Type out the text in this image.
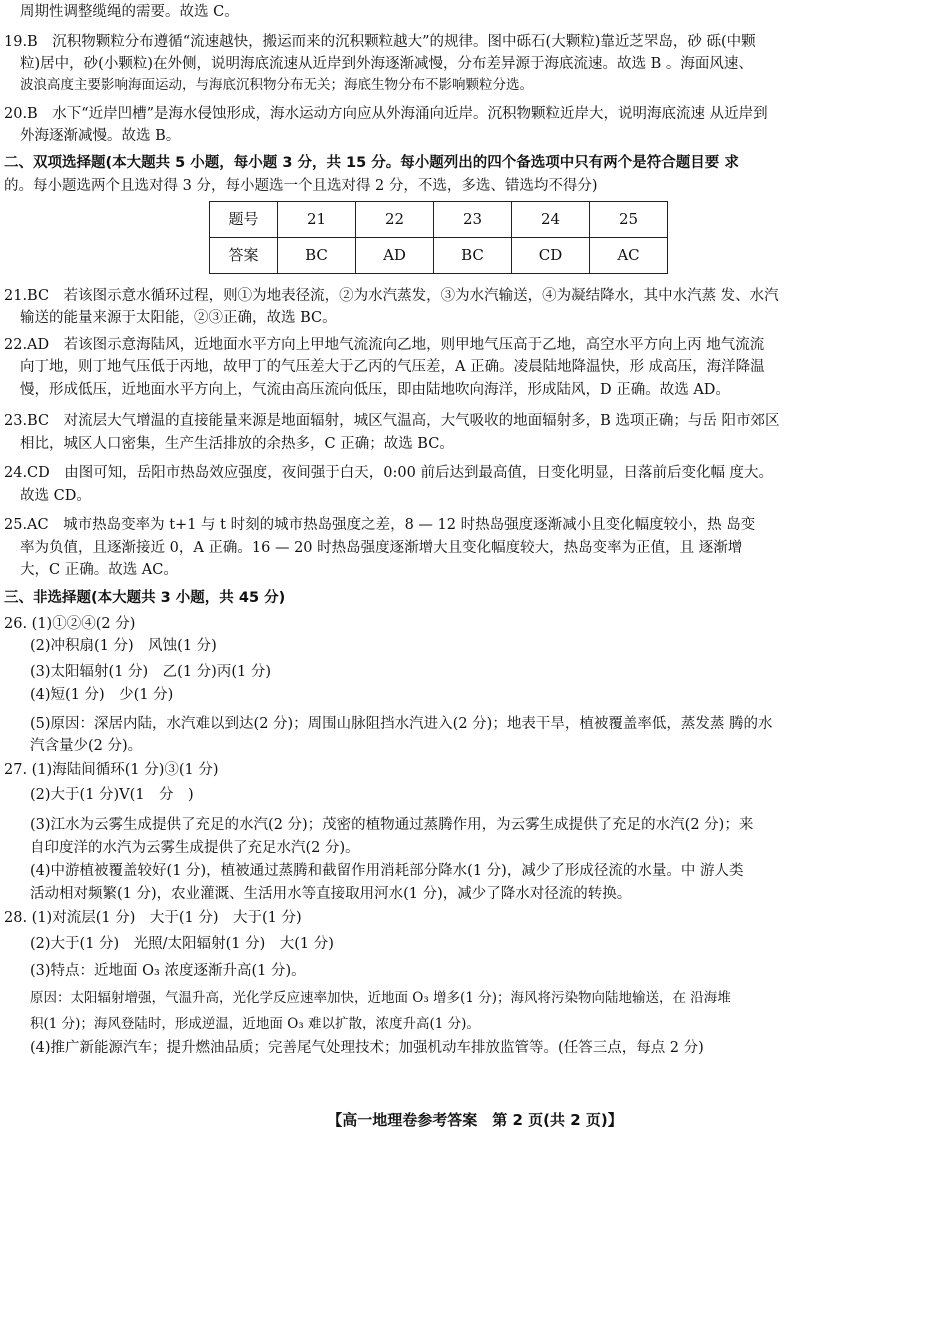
周期性调整缆绳的需要。故选 C。
19.B　沉积物颗粒分布遵循“流速越快，搬运而来的沉积颗粒越大”的规律。图中砾石(大颗粒)靠近芝罘岛，砂 砾(中颗
粒)居中，砂(小颗粒)在外侧，说明海底流速从近岸到外海逐渐减慢，分布差异源于海底流速。故选 B 。海面风速、
波浪高度主要影响海面运动，与海底沉积物分布无关；海底生物分布不影响颗粒分选。
20.B　水下“近岸凹槽”是海水侵蚀形成，海水运动方向应从外海涌向近岸。沉积物颗粒近岸大，说明海底流速 从近岸到
外海逐渐减慢。故选 B。
二、双项选择题(本大题共 5 小题，每小题 3 分，共 15 分。每小题列出的四个备选项中只有两个是符合题目要 求
的。每小题选两个且选对得 3 分，每小题选一个且选对得 2 分，不选，多选、错选均不得分)
题号	21	22	23	24	25
答案	BC	AD	BC	CD	AC
21.BC　若该图示意水循环过程，则①为地表径流，②为水汽蒸发，③为水汽输送，④为凝结降水，其中水汽蒸 发、水汽
输送的能量来源于太阳能，②③正确，故选 BC。
22.AD　若该图示意海陆风，近地面水平方向上甲地气流流向乙地，则甲地气压高于乙地，高空水平方向上丙 地气流流
向丁地，则丁地气压低于丙地，故甲丁的气压差大于乙丙的气压差，A 正确。凌晨陆地降温快，形 成高压，海洋降温
慢，形成低压，近地面水平方向上，气流由高压流向低压，即由陆地吹向海洋，形成陆风，D 正确。故选 AD。
23.BC　对流层大气增温的直接能量来源是地面辐射，城区气温高，大气吸收的地面辐射多，B 选项正确；与岳 阳市郊区
相比，城区人口密集，生产生活排放的余热多，C 正确；故选 BC。
24.CD　由图可知，岳阳市热岛效应强度，夜间强于白天，0:00 前后达到最高值，日变化明显，日落前后变化幅 度大。
故选 CD。
25.AC　城市热岛变率为 t+1 与 t 时刻的城市热岛强度之差，8 — 12 时热岛强度逐渐减小且变化幅度较小，热 岛变
率为负值，且逐渐接近 0，A 正确。16 — 20 时热岛强度逐渐增大且变化幅度较大，热岛变率为正值，且 逐渐增
大，C 正确。故选 AC。
三、非选择题(本大题共 3 小题，共 45 分)
26. (1)①②④(2 分)
(2)冲积扇(1 分)　风蚀(1 分)
(3)太阳辐射(1 分)　乙(1 分)丙(1 分)
(4)短(1 分)　少(1 分)
(5)原因：深居内陆，水汽难以到达(2 分)；周围山脉阻挡水汽进入(2 分)；地表干旱，植被覆盖率低，蒸发蒸 腾的水
汽含量少(2 分)。
27. (1)海陆间循环(1 分)③(1 分)
(2)大于(1 分)Ⅴ(1　分　)
(3)江水为云雾生成提供了充足的水汽(2 分)；茂密的植物通过蒸腾作用，为云雾生成提供了充足的水汽(2 分)；来
自印度洋的水汽为云雾生成提供了充足水汽(2 分)。
(4)中游植被覆盖较好(1 分)，植被通过蒸腾和截留作用消耗部分降水(1 分)，减少了形成径流的水量。中 游人类
活动相对频繁(1 分)，农业灌溉、生活用水等直接取用河水(1 分)，减少了降水对径流的转换。
28. (1)对流层(1 分)　大于(1 分)　大于(1 分)
(2)大于(1 分)　光照/太阳辐射(1 分)　大(1 分)
(3)特点：近地面 O₃ 浓度逐渐升高(1 分)。
原因：太阳辐射增强，气温升高，光化学反应速率加快，近地面 O₃ 增多(1 分)；海风将污染物向陆地输送，在 沿海堆
积(1 分)；海风登陆时，形成逆温，近地面 O₃ 难以扩散，浓度升高(1 分)。
(4)推广新能源汽车；提升燃油品质；完善尾气处理技术；加强机动车排放监管等。(任答三点，每点 2 分)
【高一地理卷参考答案　第 2 页(共 2 页)】
